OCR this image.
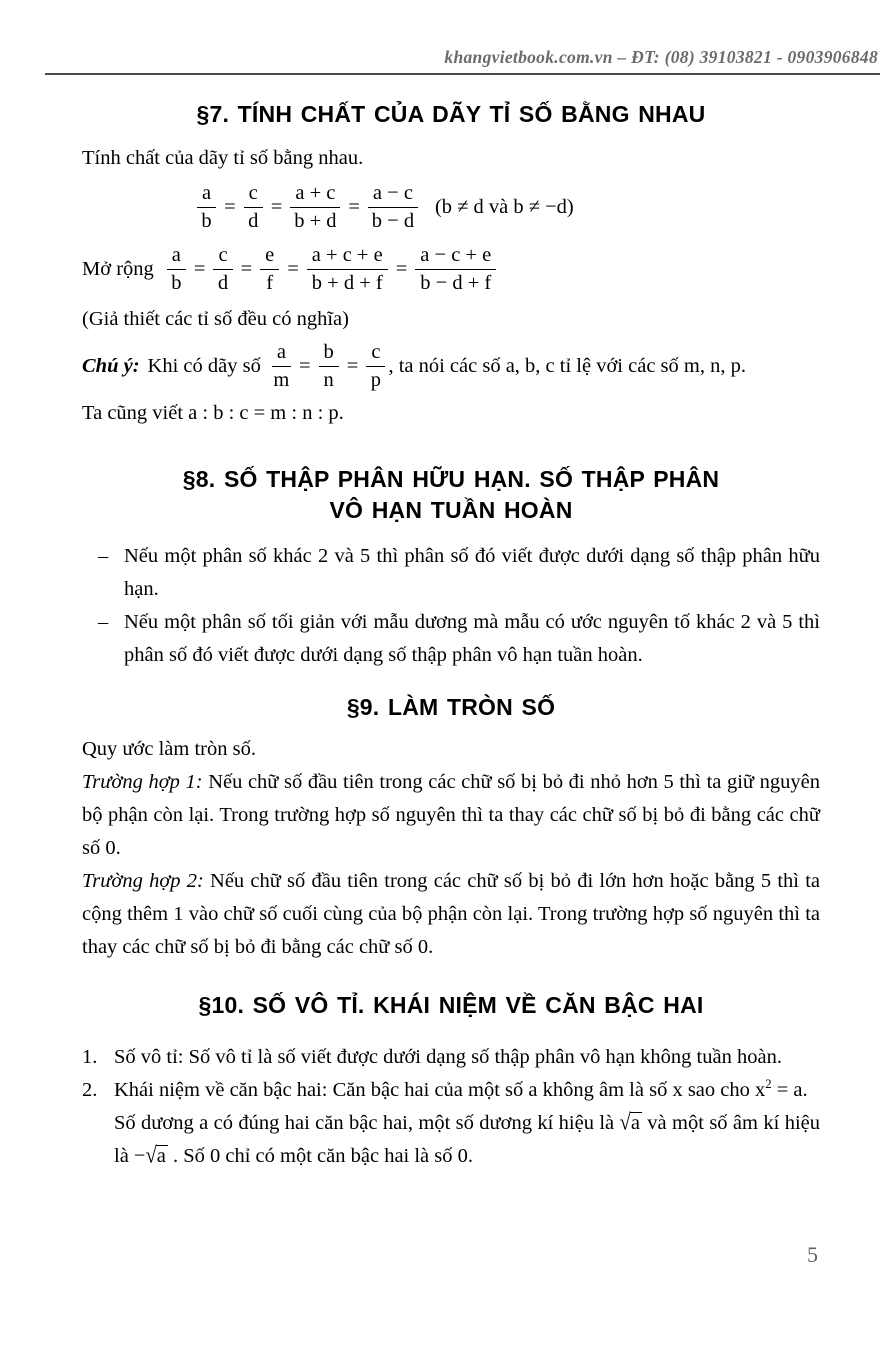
khangvietbook.com.vn – ĐT: (08) 39103821 - 0903906848
§7. TÍNH CHẤT CỦA DÃY TỈ SỐ BẰNG NHAU

Tính chất của dãy tỉ số bằng nhau.

$\frac{a}{b} = \frac{c}{d} = \frac{a + c}{b + d} = \frac{a - c}{b - d} (b \ne d$ và b ≠ −d)
Mở rộng $\frac{a}{b} = \frac{c}{d} = \frac{e}{f} = \frac{a + c + e}{b + d + f} = \frac{a - c + e}{b - d + f}$

(Giả thiết các tỉ số đều có nghĩa)

Chú ý: Khi có dãy số $\frac{a}{m} = \frac{b}{n} = \frac{c}{p}$ , ta nói các số a, b, c tỉ lệ với các số m, n, p.

Ta cũng viết a : b : c = m : n : p.

§8. SỐ THẬP PHÂN HỮU HẠN. SỐ THẬP PHÂN
VÔ HẠN TUẦN HOÀN
– Nếu một phân số khác 2 và 5 thì phân số đó viết được dưới dạng số thập phân hữu hạn.

– Nếu một phân số tối giản với mẫu dương mà mẫu có ước nguyên tố khác 2 và 5 thì phân số đó viết được dưới dạng số thập phân vô hạn tuần hoàn.

§9. LÀM TRÒN SỐ

Quy ước làm tròn số.

Trường hợp 1: Nếu chữ số đầu tiên trong các chữ số bị bỏ đi nhỏ hơn 5 thì ta giữ nguyên bộ phận còn lại. Trong trường hợp số nguyên thì ta thay các chữ số bị bỏ đi bằng các chữ số 0.

Trường hợp 2: Nếu chữ số đầu tiên trong các chữ số bị bỏ đi lớn hơn hoặc bằng 5 thì ta cộng thêm 1 vào chữ số cuối cùng của bộ phận còn lại. Trong trường hợp số nguyên thì ta thay các chữ số bị bỏ đi bằng các chữ số 0.

§10. SỐ VÔ TỈ. KHÁI NIỆM VỀ CĂN BẬC HAI
1. Số vô tỉ: Số vô tỉ là số viết được dưới dạng số thập phân vô hạn không tuần hoàn.

2. Khái niệm về căn bậc hai: Căn bậc hai của một số a không âm là số x sao cho $x^2 = a$.

Số dương a có đúng hai căn bậc hai, một số dương kí hiệu là √a và một số âm kí hiệu là −√a . Số 0 chỉ có một căn bậc hai là số 0.

5
